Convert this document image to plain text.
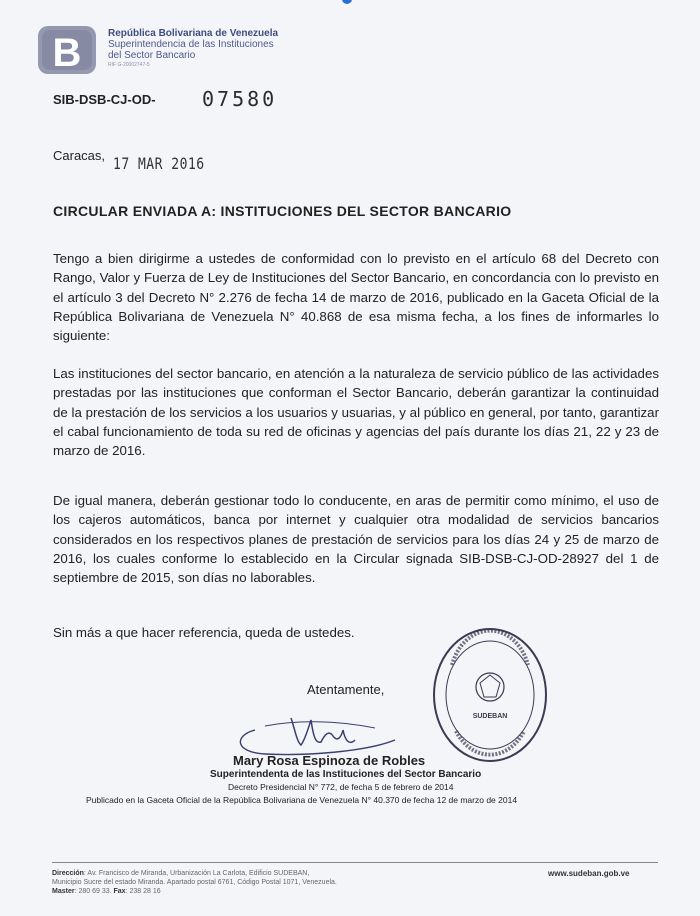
B	República Bolivariana de Venezuela
Superintendencia de las Instituciones
del Sector Bancario
RIF G-20002747-5
SIB-DSB-CJ-OD- 07580
Caracas, 17 MAR 2016
CIRCULAR ENVIADA A: INSTITUCIONES DEL SECTOR BANCARIO
Tengo a bien dirigirme a ustedes de conformidad con lo previsto en el artículo 68 del Decreto con Rango, Valor y Fuerza de Ley de Instituciones del Sector Bancario, en concordancia con lo previsto en el artículo 3 del Decreto N° 2.276 de fecha 14 de marzo de 2016, publicado en la Gaceta Oficial de la República Bolivariana de Venezuela N° 40.868 de esa misma fecha, a los fines de informarles lo siguiente:
Las instituciones del sector bancario, en atención a la naturaleza de servicio público de las actividades prestadas por las instituciones que conforman el Sector Bancario, deberán garantizar la continuidad de la prestación de los servicios a los usuarios y usuarias, y al público en general, por tanto, garantizar el cabal funcionamiento de toda su red de oficinas y agencias del país durante los días 21, 22 y 23 de marzo de 2016.
De igual manera, deberán gestionar todo lo conducente, en aras de permitir como mínimo, el uso de los cajeros automáticos, banca por internet y cualquier otra modalidad de servicios bancarios considerados en los respectivos planes de prestación de servicios para los días 24 y 25 de marzo de 2016, los cuales conforme lo establecido en la Circular signada SIB-DSB-CJ-OD-28927 del 1 de septiembre de 2015, son días no laborables.
Sin más a que hacer referencia, queda de ustedes.
Atentamente,
Mary Rosa Espinoza de Robles
Superintendenta de las Instituciones del Sector Bancario
Decreto Presidencial N° 772, de fecha 5 de febrero de 2014
Publicado en la Gaceta Oficial de la República Bolivariana de Venezuela N° 40.370 de fecha 12 de marzo de 2014
SUDEBAN
Dirección: Av. Francisco de Miranda, Urbanización La Carlota, Edificio SUDEBAN,
Municipio Sucre del estado Miranda. Apartado postal 6761, Código Postal 1071, Venezuela.
Master: 280 69 33. Fax: 238 28 16
www.sudeban.gob.ve
